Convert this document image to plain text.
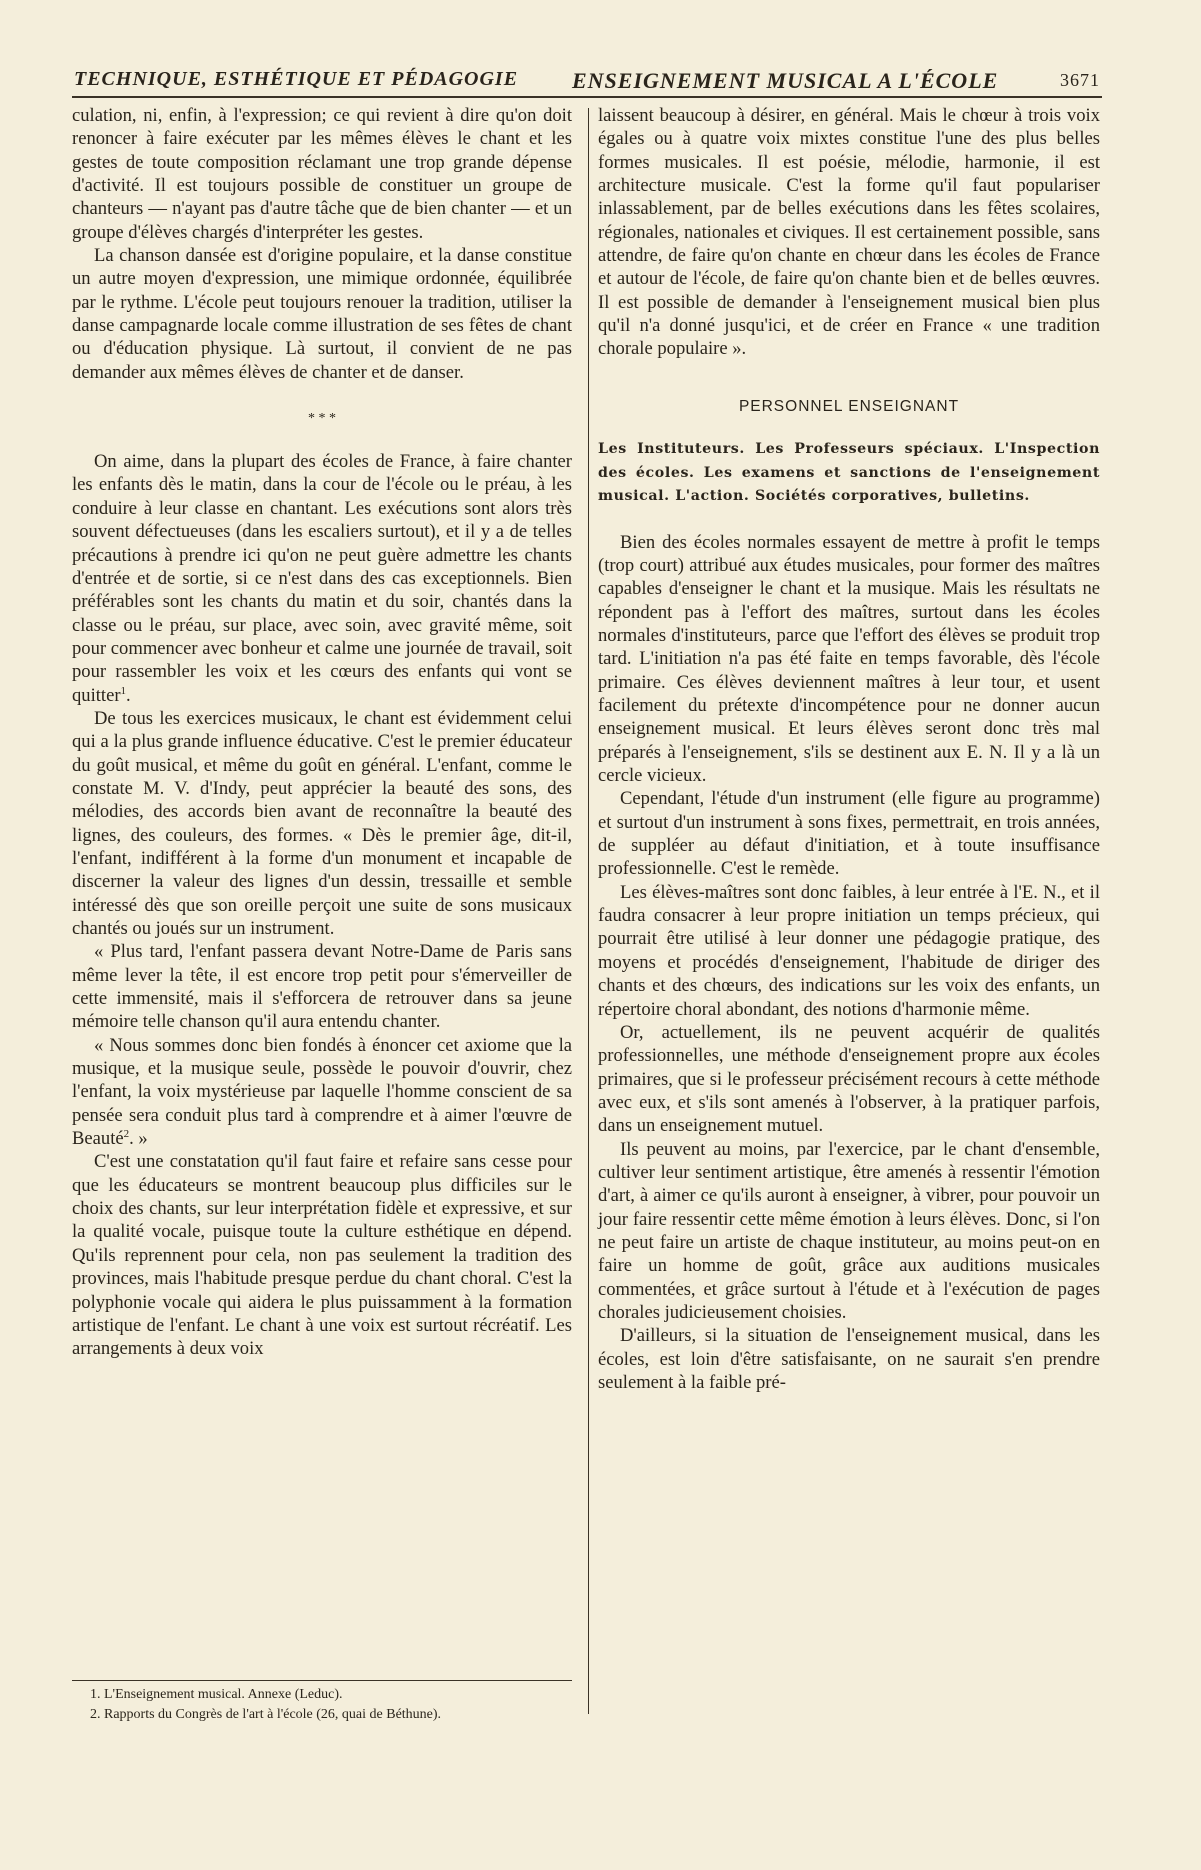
TECHNIQUE, ESTHÉTIQUE ET PÉDAGOGIE ENSEIGNEMENT MUSICAL A L'ÉCOLE	3671

culation, ni, enfin, à l'expression; ce qui revient à dire qu'on doit renoncer à faire exécuter par les mêmes élèves le chant et les gestes de toute composition réclamant une trop grande dépense d'activité. Il est toujours possible de constituer un groupe de chanteurs — n'ayant pas d'autre tâche que de bien chanter — et un groupe d'élèves chargés d'interpréter les gestes.

La chanson dansée est d'origine populaire, et la danse constitue un autre moyen d'expression, une mimique ordonnée, équilibrée par le rythme. L'école peut toujours renouer la tradition, utiliser la danse campagnarde locale comme illustration de ses fêtes de chant ou d'éducation physique. Là surtout, il convient de ne pas demander aux mêmes élèves de chanter et de danser.

* * *

On aime, dans la plupart des écoles de France, à faire chanter les enfants dès le matin, dans la cour de l'école ou le préau, à les conduire à leur classe en chantant. Les exécutions sont alors très souvent défectueuses (dans les escaliers surtout), et il y a de telles précautions à prendre ici qu'on ne peut guère admettre les chants d'entrée et de sortie, si ce n'est dans des cas exceptionnels. Bien préférables sont les chants du matin et du soir, chantés dans la classe ou le préau, sur place, avec soin, avec gravité même, soit pour commencer avec bonheur et calme une journée de travail, soit pour rassembler les voix et les cœurs des enfants qui vont se quitter$^1$.

De tous les exercices musicaux, le chant est évidemment celui qui a la plus grande influence éducative. C'est le premier éducateur du goût musical, et même du goût en général. L'enfant, comme le constate M. V. d'Indy, peut apprécier la beauté des sons, des mélodies, des accords bien avant de reconnaître la beauté des lignes, des couleurs, des formes. « Dès le premier âge, dit-il, l'enfant, indifférent à la forme d'un monument et incapable de discerner la valeur des lignes d'un dessin, tressaille et semble intéressé dès que son oreille perçoit une suite de sons musicaux chantés ou joués sur un instrument.

« Plus tard, l'enfant passera devant Notre-Dame de Paris sans même lever la tête, il est encore trop petit pour s'émerveiller de cette immensité, mais il s'efforcera de retrouver dans sa jeune mémoire telle chanson qu'il aura entendu chanter.

« Nous sommes donc bien fondés à énoncer cet axiome que la musique, et la musique seule, possède le pouvoir d'ouvrir, chez l'enfant, la voix mystérieuse par laquelle l'homme conscient de sa pensée sera conduit plus tard à comprendre et à aimer l'œuvre de Beauté$^2$. »

C'est une constatation qu'il faut faire et refaire sans cesse pour que les éducateurs se montrent beaucoup plus difficiles sur le choix des chants, sur leur interprétation fidèle et expressive, et sur la qualité vocale, puisque toute la culture esthétique en dépend. Qu'ils reprennent pour cela, non pas seulement la tradition des provinces, mais l'habitude presque perdue du chant choral. C'est la polyphonie vocale qui aidera le plus puissamment à la formation artistique de l'enfant. Le chant à une voix est surtout récréatif. Les arrangements à deux voix

1. L'Enseignement musical. Annexe (Leduc).
2. Rapports du Congrès de l'art à l'école (26, quai de Béthune).

laissent beaucoup à désirer, en général. Mais le chœur à trois voix égales ou à quatre voix mixtes constitue l'une des plus belles formes musicales. Il est poésie, mélodie, harmonie, il est architecture musicale. C'est la forme qu'il faut populariser inlassablement, par de belles exécutions dans les fêtes scolaires, régionales, nationales et civiques. Il est certainement possible, sans attendre, de faire qu'on chante en chœur dans les écoles de France et autour de l'école, de faire qu'on chante bien et de belles œuvres. Il est possible de demander à l'enseignement musical bien plus qu'il n'a donné jusqu'ici, et de créer en France « une tradition chorale populaire ».

PERSONNEL ENSEIGNANT
Les Instituteurs. Les Professeurs spéciaux. L'Inspection des écoles. Les examens et sanctions de l'enseignement musical. L'action. Sociétés corporatives, bulletins.

Bien des écoles normales essayent de mettre à profit le temps (trop court) attribué aux études musicales, pour former des maîtres capables d'enseigner le chant et la musique. Mais les résultats ne répondent pas à l'effort des maîtres, surtout dans les écoles normales d'instituteurs, parce que l'effort des élèves se produit trop tard. L'initiation n'a pas été faite en temps favorable, dès l'école primaire. Ces élèves deviennent maîtres à leur tour, et usent facilement du prétexte d'incompétence pour ne donner aucun enseignement musical. Et leurs élèves seront donc très mal préparés à l'enseignement, s'ils se destinent aux E. N. Il y a là un cercle vicieux.

Cependant, l'étude d'un instrument (elle figure au programme) et surtout d'un instrument à sons fixes, permettrait, en trois années, de suppléer au défaut d'initiation, et à toute insuffisance professionnelle. C'est le remède.

Les élèves-maîtres sont donc faibles, à leur entrée à l'E. N., et il faudra consacrer à leur propre initiation un temps précieux, qui pourrait être utilisé à leur donner une pédagogie pratique, des moyens et procédés d'enseignement, l'habitude de diriger des chants et des chœurs, des indications sur les voix des enfants, un répertoire choral abondant, des notions d'harmonie même.

Or, actuellement, ils ne peuvent acquérir de qualités professionnelles, une méthode d'enseignement propre aux écoles primaires, que si le professeur précisément recours à cette méthode avec eux, et s'ils sont amenés à l'observer, à la pratiquer parfois, dans un enseignement mutuel.

Ils peuvent au moins, par l'exercice, par le chant d'ensemble, cultiver leur sentiment artistique, être amenés à ressentir l'émotion d'art, à aimer ce qu'ils auront à enseigner, à vibrer, pour pouvoir un jour faire ressentir cette même émotion à leurs élèves. Donc, si l'on ne peut faire un artiste de chaque instituteur, au moins peut-on en faire un homme de goût, grâce aux auditions musicales commentées, et grâce surtout à l'étude et à l'exécution de pages chorales judicieusement choisies.

D'ailleurs, si la situation de l'enseignement musical, dans les écoles, est loin d'être satisfaisante, on ne saurait s'en prendre seulement à la faible pré-
